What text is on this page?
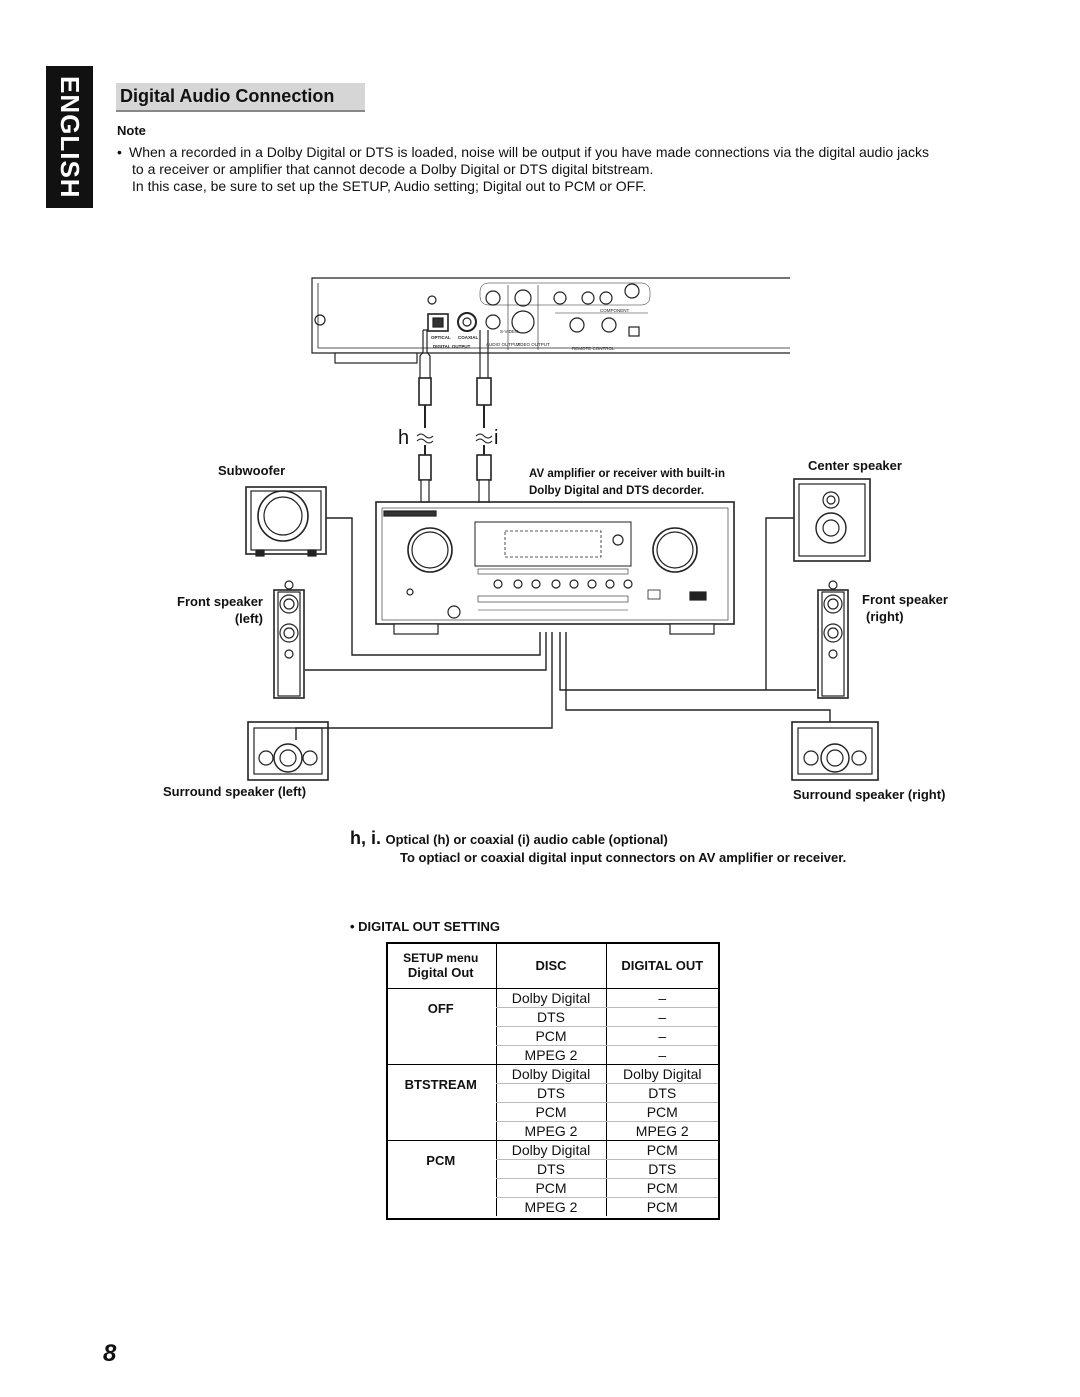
ENGLISH	Digital Audio Connection
Note
• When a recorded in a Dolby Digital or DTS is loaded, noise will be output if you have made connections via the digital audio jacks
to a receiver or amplifier that cannot decode a Dolby Digital or DTS digital bitstream.
In this case, be sure to set up the SETUP, Audio setting; Digital out to PCM or OFF.
OPTICAL COAXIAL
DIGITAL OUTPUT	AUDIO OUTPUT
VIDEO OUTPUT
S-VIDEO
COMPONENT
REMOTE CONTROL
h	i
Subwoofer	AV amplifier or receiver with built-in
Dolby Digital and DTS decorder.
Center speaker
Front speaker
(left)
Front speaker
(right)
Surround speaker (left)	Surround speaker (right)
h, i. Optical (h) or coaxial (i) audio cable (optional)
To optiacl or coaxial digital input connectors on AV amplifier or receiver.
• DIGITAL OUT SETTING
SETUP menu
Digital Out	DISC	DIGITAL OUT
OFF	Dolby Digital	–
	DTS	–
	PCM	–
	MPEG 2	–
BTSTREAM	Dolby Digital	Dolby Digital
	DTS	DTS
	PCM	PCM
	MPEG 2	MPEG 2
PCM	Dolby Digital	PCM
	DTS	DTS
	PCM	PCM
	MPEG 2	PCM
8
